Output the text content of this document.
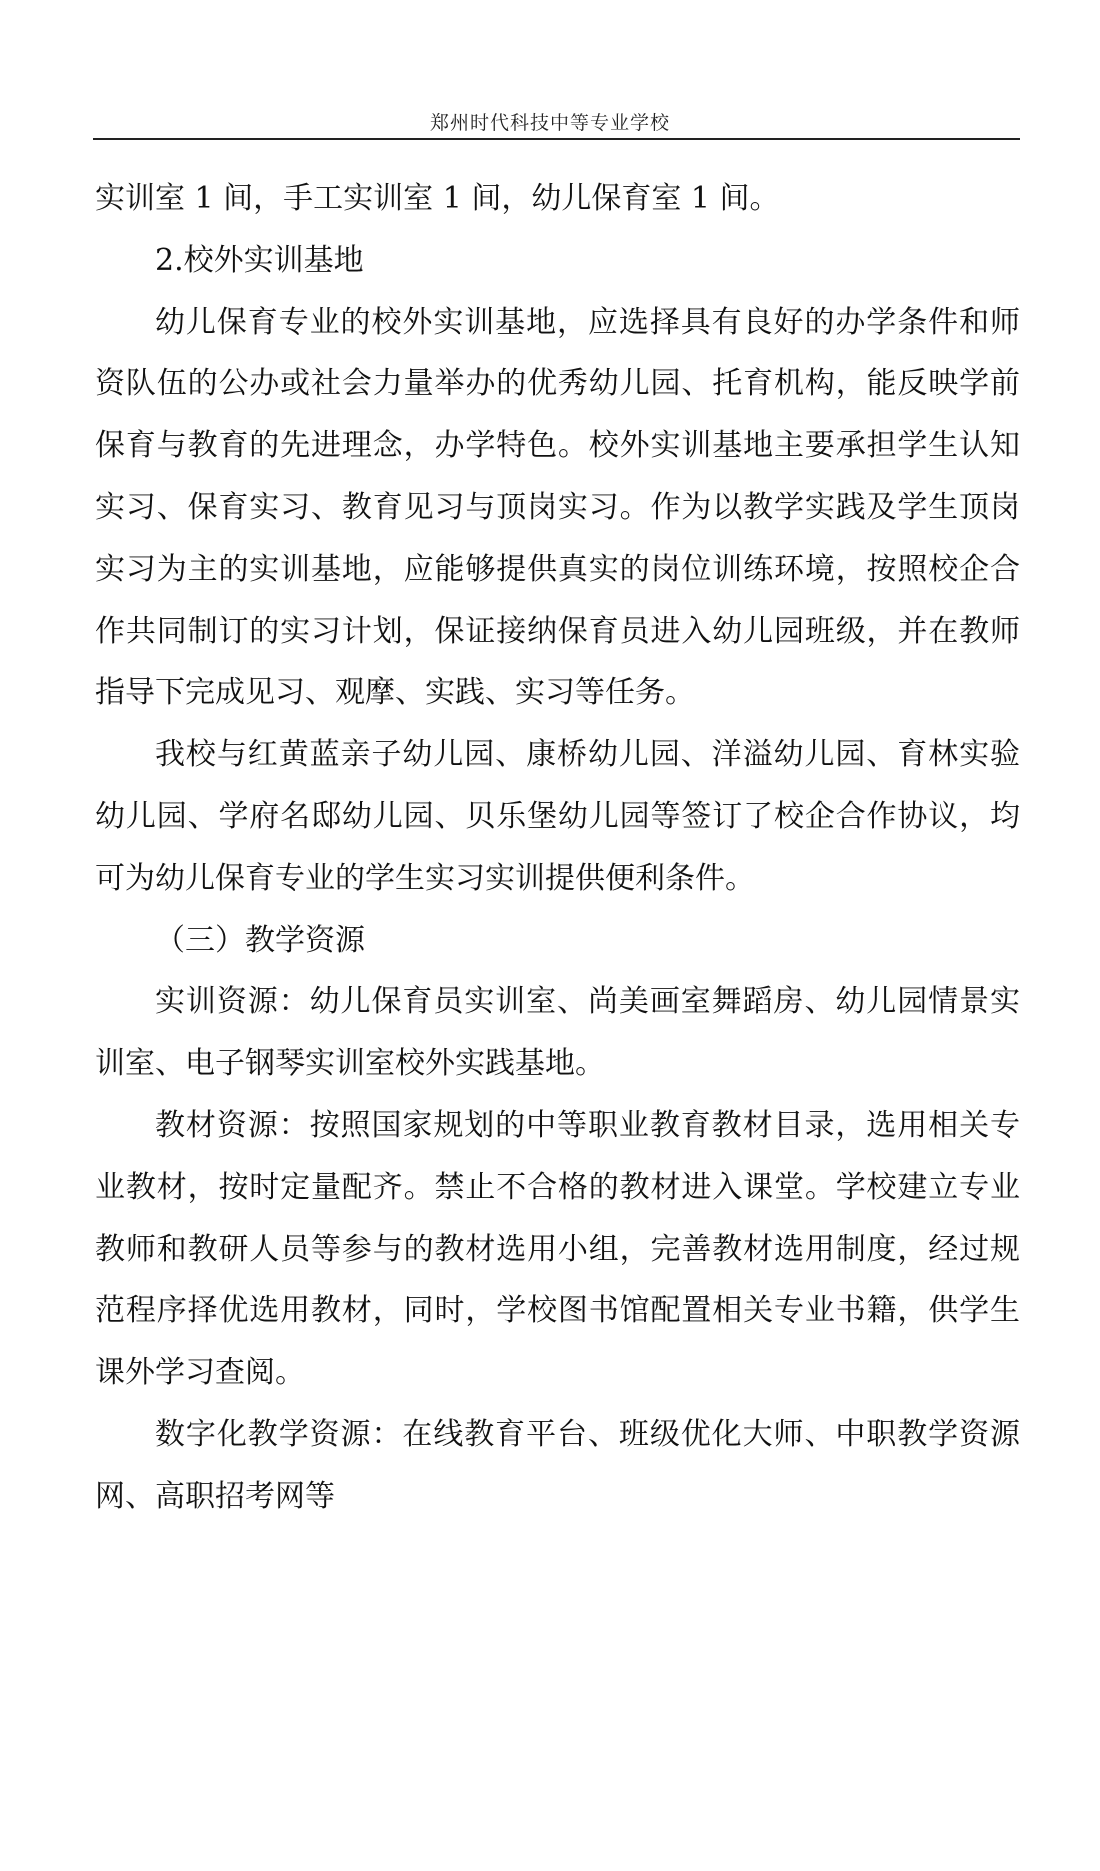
郑州时代科技中等专业学校

实训室 1 间，手工实训室 1 间，幼儿保育室 1 间。

2.校外实训基地

幼儿保育专业的校外实训基地，应选择具有良好的办学条件和师资队伍的公办或社会力量举办的优秀幼儿园、托育机构，能反映学前保育与教育的先进理念，办学特色。校外实训基地主要承担学生认知实习、保育实习、教育见习与顶岗实习。作为以教学实践及学生顶岗实习为主的实训基地，应能够提供真实的岗位训练环境，按照校企合作共同制订的实习计划，保证接纳保育员进入幼儿园班级，并在教师指导下完成见习、观摩、实践、实习等任务。

我校与红黄蓝亲子幼儿园、康桥幼儿园、洋溢幼儿园、育林实验幼儿园、学府名邸幼儿园、贝乐堡幼儿园等签订了校企合作协议，均可为幼儿保育专业的学生实习实训提供便利条件。

（三）教学资源

实训资源：幼儿保育员实训室、尚美画室舞蹈房、幼儿园情景实训室、电子钢琴实训室校外实践基地。

教材资源：按照国家规划的中等职业教育教材目录，选用相关专业教材，按时定量配齐。禁止不合格的教材进入课堂。学校建立专业教师和教研人员等参与的教材选用小组，完善教材选用制度，经过规范程序择优选用教材，同时，学校图书馆配置相关专业书籍，供学生课外学习查阅。

数字化教学资源：在线教育平台、班级优化大师、中职教学资源网、高职招考网等
